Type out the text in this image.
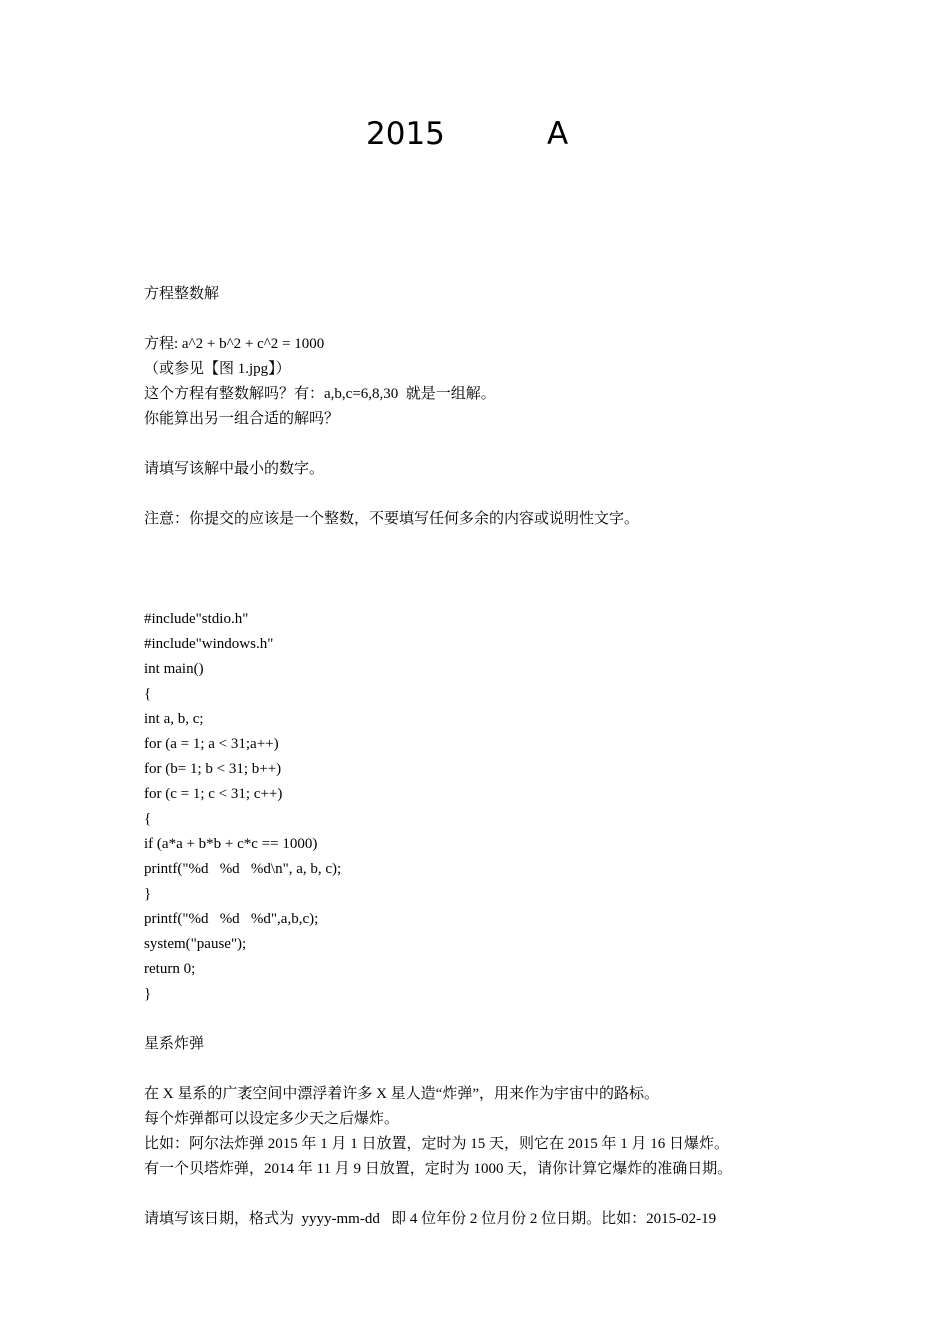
2015	A
方程整数解
方程: a^2 + b^2 + c^2 = 1000
（或参见【图 1.jpg】）
这个方程有整数解吗？有：a,b,c=6,8,30  就是一组解。
你能算出另一组合适的解吗？
请填写该解中最小的数字。
注意：你提交的应该是一个整数，不要填写任何多余的内容或说明性文字。
#include"stdio.h"
#include"windows.h"
int main()
{
int a, b, c;
for (a = 1; a < 31;a++)
for (b= 1; b < 31; b++)
for (c = 1; c < 31; c++)
{
if (a*a + b*b + c*c == 1000)
printf("%d   %d   %d\n", a, b, c);
}
printf("%d   %d   %d",a,b,c);
system("pause");
return 0;
}
星系炸弹
在 X 星系的广袤空间中漂浮着许多 X 星人造“炸弹”，用来作为宇宙中的路标。
每个炸弹都可以设定多少天之后爆炸。
比如：阿尔法炸弹 2015 年 1 月 1 日放置，定时为 15 天，则它在 2015 年 1 月 16 日爆炸。
有一个贝塔炸弹，2014 年 11 月 9 日放置，定时为 1000 天，请你计算它爆炸的准确日期。
请填写该日期，格式为  yyyy-mm-dd   即 4 位年份 2 位月份 2 位日期。比如：2015-02-19
